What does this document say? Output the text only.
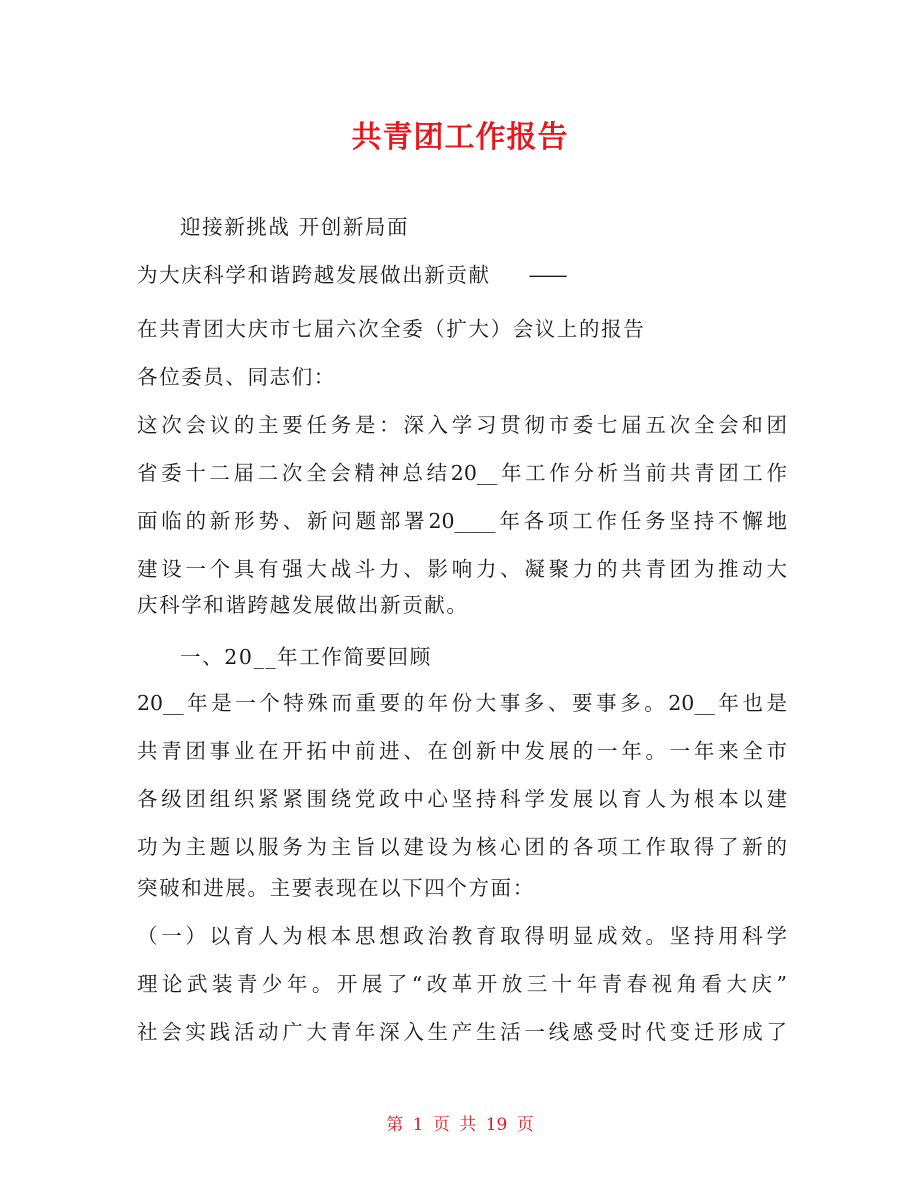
共青团工作报告
迎接新挑战 开创新局面
为大庆科学和谐跨越发展做出新贡献 ——
在共青团大庆市七届六次全委（扩大）会议上的报告
各位委员、同志们：
这次会议的主要任务是：深入学习贯彻市委七届五次全会和团
省委十二届二次全会精神总结20__年工作分析当前共青团工作
面临的新形势、新问题部署20____年各项工作任务坚持不懈地
建设一个具有强大战斗力、影响力、凝聚力的共青团为推动大
庆科学和谐跨越发展做出新贡献。
一、20__年工作简要回顾
20__年是一个特殊而重要的年份大事多、要事多。20__年也是
共青团事业在开拓中前进、在创新中发展的一年。一年来全市
各级团组织紧紧围绕党政中心坚持科学发展以育人为根本以建
功为主题以服务为主旨以建设为核心团的各项工作取得了新的
突破和进展。主要表现在以下四个方面：
（一）以育人为根本思想政治教育取得明显成效。坚持用科学
理论武装青少年。开展了“改革开放三十年青春视角看大庆”
社会实践活动广大青年深入生产生活一线感受时代变迁形成了
第 1 页 共 19 页
